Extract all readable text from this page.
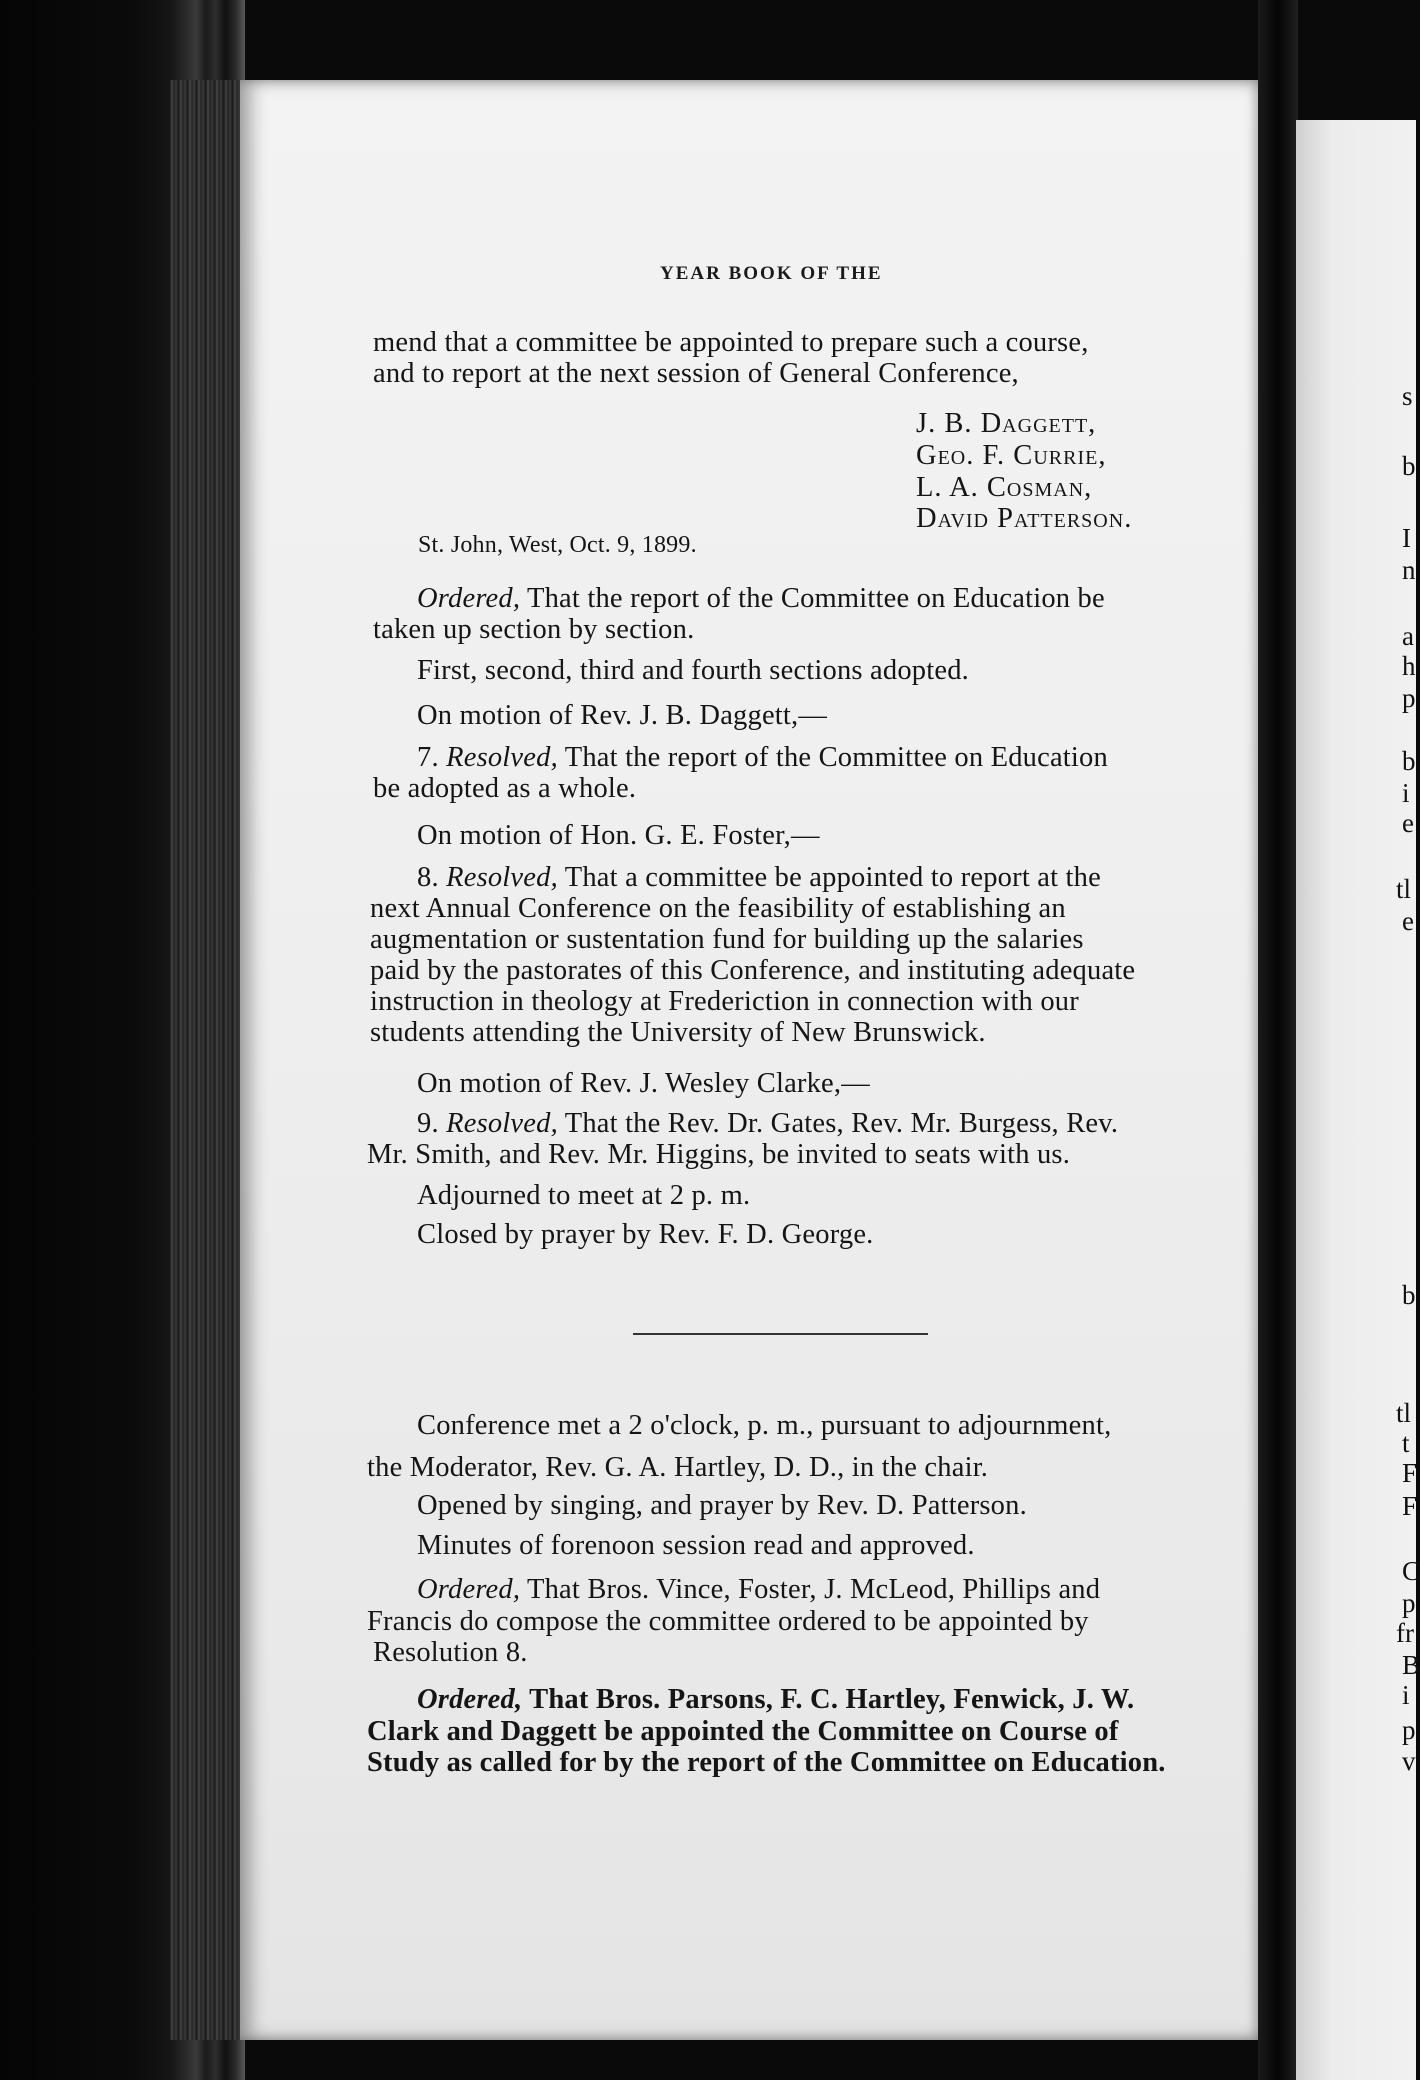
s
b
I
n
a
h
p
b
i
e
tl
e
b
tl
t
F
F
C
p
fr
B
i
p
v
YEAR BOOK OF THE
mend that a committee be appointed to prepare such a course,
and to report at the next session of General Conference,
J. B. Daggett,
Geo. F. Currie,
L. A. Cosman,
David Patterson.
St. John, West, Oct. 9, 1899.
Ordered, That the report of the Committee on Education be
taken up section by section.
First, second, third and fourth sections adopted.
On motion of Rev. J. B. Daggett,—
7. Resolved, That the report of the Committee on Education
be adopted as a whole.
On motion of Hon. G. E. Foster,—
8. Resolved, That a committee be appointed to report at the
next Annual Conference on the feasibility of establishing an
augmentation or sustentation fund for building up the salaries
paid by the pastorates of this Conference, and instituting adequate
instruction in theology at Frederiction in connection with our
students attending the University of New Brunswick.
On motion of Rev. J. Wesley Clarke,—
9. Resolved, That the Rev. Dr. Gates, Rev. Mr. Burgess, Rev.
Mr. Smith, and Rev. Mr. Higgins, be invited to seats with us.
Adjourned to meet at 2 p. m.
Closed by prayer by Rev. F. D. George.
Conference met a 2 o'clock, p. m., pursuant to adjournment,
the Moderator, Rev. G. A. Hartley, D. D., in the chair.
Opened by singing, and prayer by Rev. D. Patterson.
Minutes of forenoon session read and approved.
Ordered, That Bros. Vince, Foster, J. McLeod, Phillips and
Francis do compose the committee ordered to be appointed by
Resolution 8.
Ordered, That Bros. Parsons, F. C. Hartley, Fenwick, J. W.
Clark and Daggett be appointed the Committee on Course of
Study as called for by the report of the Committee on Education.
